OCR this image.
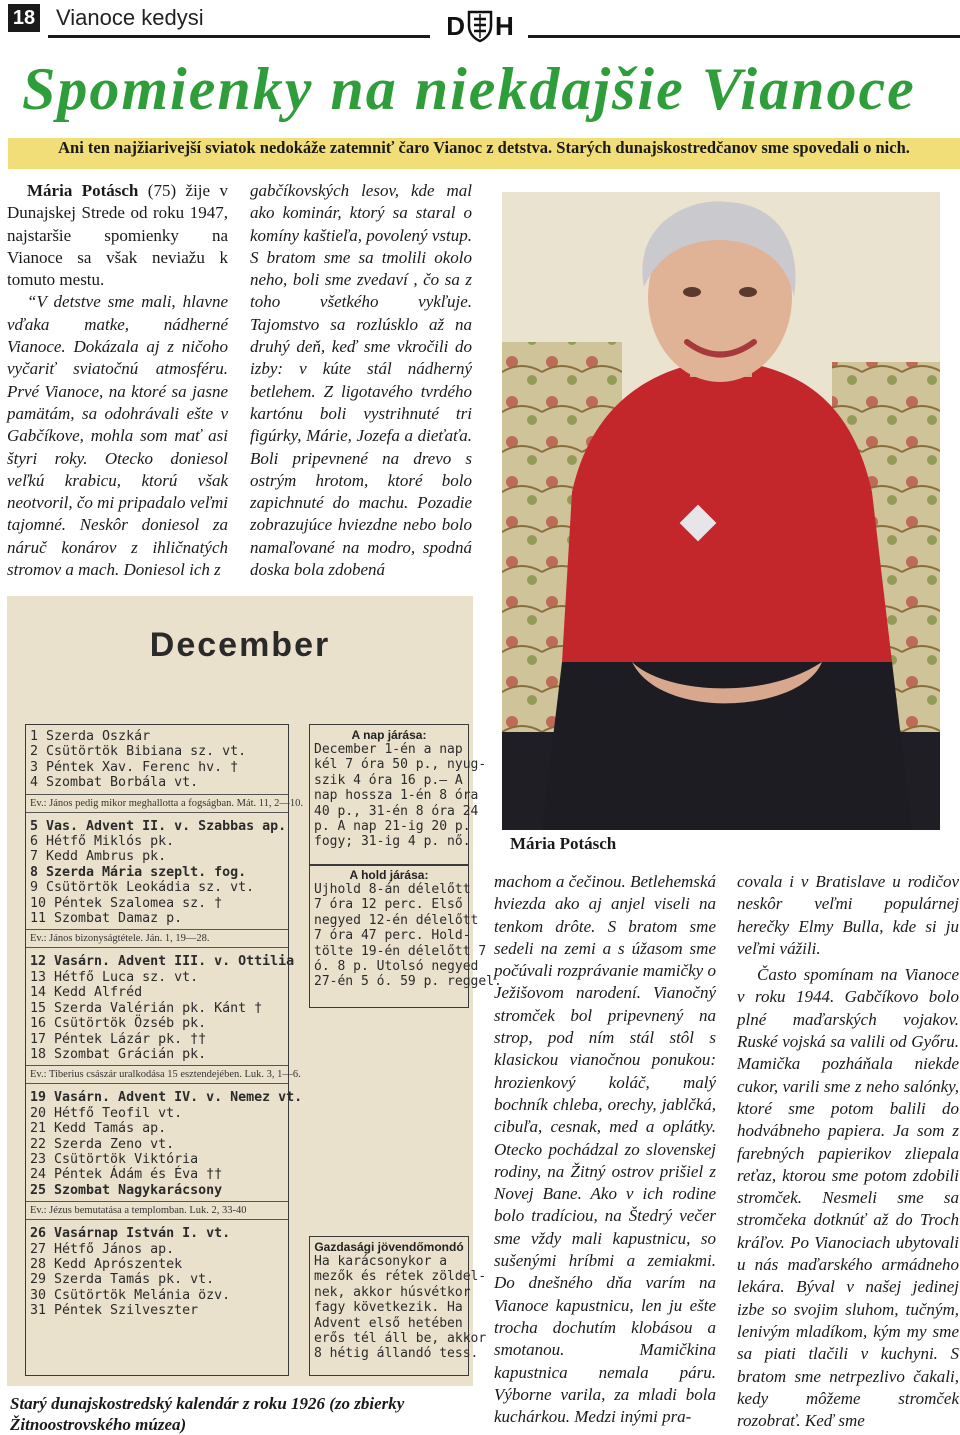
18 Vianoce kedysi	D H
Spomienky na niekdajšie Vianoce
Ani ten najžiarivejší sviatok nedokáže zatemniť čaro Vianoc z detstva. Starých dunajskostredčanov sme spovedali o nich.

Mária Potásch (75) žije v Dunajskej Strede od roku 1947, najstaršie spomienky na Vianoce sa však neviažu k tomuto mestu.

“V detstve sme mali, hlavne vďaka matke, nádherné Vianoce. Dokázala aj z ničoho vyčariť sviatočnú atmosféru. Prvé Vianoce, na ktoré sa jasne pamätám, sa odohrávali ešte v Gabčíkove, mohla som mať asi štyri roky. Otecko doniesol veľkú krabicu, ktorú však neotvoril, čo mi pripadalo veľmi tajomné. Neskôr doniesol za náruč konárov z ihličnatých stromov a mach. Doniesol ich z

gabčíkovských lesov, kde mal ako kominár, ktorý sa staral o komíny kaštieľa, povolený vstup. S bratom sme sa tmolili okolo neho, boli sme zvedaví , čo sa z toho všetkého vykľuje. Tajomstvo sa rozlúsklo až na druhý deň, keď sme vkročili do izby: v kúte stál nádherný betlehem. Z ligotavého tvrdého kartónu boli vystrihnuté tri figúrky, Márie, Jozefa a dieťaťa. Boli pripevnené na drevo s ostrým hrotom, ktoré bolo zapichnuté do machu. Pozadie zobrazujúce hviezdne nebo bolo namaľované na modro, spodná doska bola zdobená

Mária Potásch
December
1 Szerda Oszkár
2 Csütörtök Bibiana sz. vt.
3 Péntek Xav. Ferenc hv. †
4 Szombat Borbála vt.
Ev.: János pedig mikor meghallotta a fogságban. Mát. 11, 2—10.
5 Vas. Advent II. v. Szabbas ap.
6 Hétfő Miklós pk.
7 Kedd Ambrus pk.
8 Szerda Mária szeplt. fog.
9 Csütörtök Leokádia sz. vt.
10 Péntek Szalomea sz. †
11 Szombat Damaz p.
Ev.: János bizonyságtétele. Ján. 1, 19—28.
12 Vasárn. Advent III. v. Ottilia
13 Hétfő Luca sz. vt.
14 Kedd Alfréd
15 Szerda Valérián pk. Kánt †
16 Csütörtök Özséb pk.
17 Péntek Lázár pk. ††
18 Szombat Grácián pk.
Ev.: Tiberius császár uralkodása 15 esztendejében. Luk. 3, 1—6.
19 Vasárn. Advent IV. v. Nemez vt.
20 Hétfő Teofil vt.
21 Kedd Tamás ap.
22 Szerda Zeno vt.
23 Csütörtök Viktória
24 Péntek Ádám és Éva ††
25 Szombat Nagykarácsony
Ev.: Jézus bemutatása a templomban. Luk. 2, 33-40
26 Vasárnap István I. vt.
27 Hétfő János ap.
28 Kedd Aprószentek
29 Szerda Tamás pk. vt.
30 Csütörtök Melánia özv.
31 Péntek Szilveszter
A nap járása:
December 1-én a nap
kél 7 óra 50 p., nyug-
szik 4 óra 16 p.— A
nap hossza 1-én 8 óra
40 p., 31-én 8 óra 24
p. A nap 21-ig 20 p.
fogy; 31-ig 4 p. nő.
A hold járása:
Ujhold 8-án délelőtt
7 óra 12 perc. Első
negyed 12-én délelőtt
7 óra 47 perc. Hold-
tölte 19-én délelőtt 7
ó. 8 p. Utolsó negyed
27-én 5 ó. 59 p. reggel.
Gazdasági jövendőmondó
Ha karácsonykor a
mezők és rétek zöldel-
nek, akkor húsvétkor
fagy következik. Ha
Advent első hetében
erős tél áll be, akkor
8 hétig állandó tess.
Starý dunajskostredský kalendár z roku 1926 (zo zbierky Žitnoostrovského múzea)

machom a čečinou. Betlehemská hviezda ako aj anjel viseli na tenkom drôte. S bratom sme sedeli na zemi a s úžasom sme počúvali rozprávanie mamičky o Ježišovom narodení. Vianočný stromček bol pripevnený na strop, pod ním stál stôl s klasickou vianočnou ponukou: hrozienkový koláč, malý bochník chleba, orechy, jablčká, cibuľa, cesnak, med a oplátky. Otecko pochádzal zo slovenskej rodiny, na Žitný ostrov prišiel z Novej Bane. Ako v ich rodine bolo tradíciou, na Štedrý večer sme vždy mali kapustnicu, so sušenými hríbmi a zemiakmi. Do dnešného dňa varím na Vianoce kapustnicu, len ju ešte trocha dochutím klobásou a smotanou. Mamičkina kapustnica nemala páru. Výborne varila, za mladi bola kuchárkou. Medzi inými pra-

covala i v Bratislave u rodičov neskôr veľmi populárnej herečky Elmy Bulla, kde si ju veľmi vážili.

Často spomínam na Vianoce v roku 1944. Gabčíkovo bolo plné maďarských vojakov. Ruské vojská sa valili od Győru. Mamička pozháňala niekde cukor, varili sme z neho salónky, ktoré sme potom balili do hodvábneho papiera. Ja som z farebných papierikov zliepala reťaz, ktorou sme potom zdobili stromček. Nesmeli sme sa stromčeka dotknúť až do Troch kráľov. Po Vianociach ubytovali u nás maďarského armádneho lekára. Býval v našej jedinej izbe so svojim sluhom, tučným, lenivým mladíkom, kým my sme sa piati tlačili v kuchyni. S bratom sme netrpezlivo čakali, kedy môžeme stromček rozobrať. Keď sme
